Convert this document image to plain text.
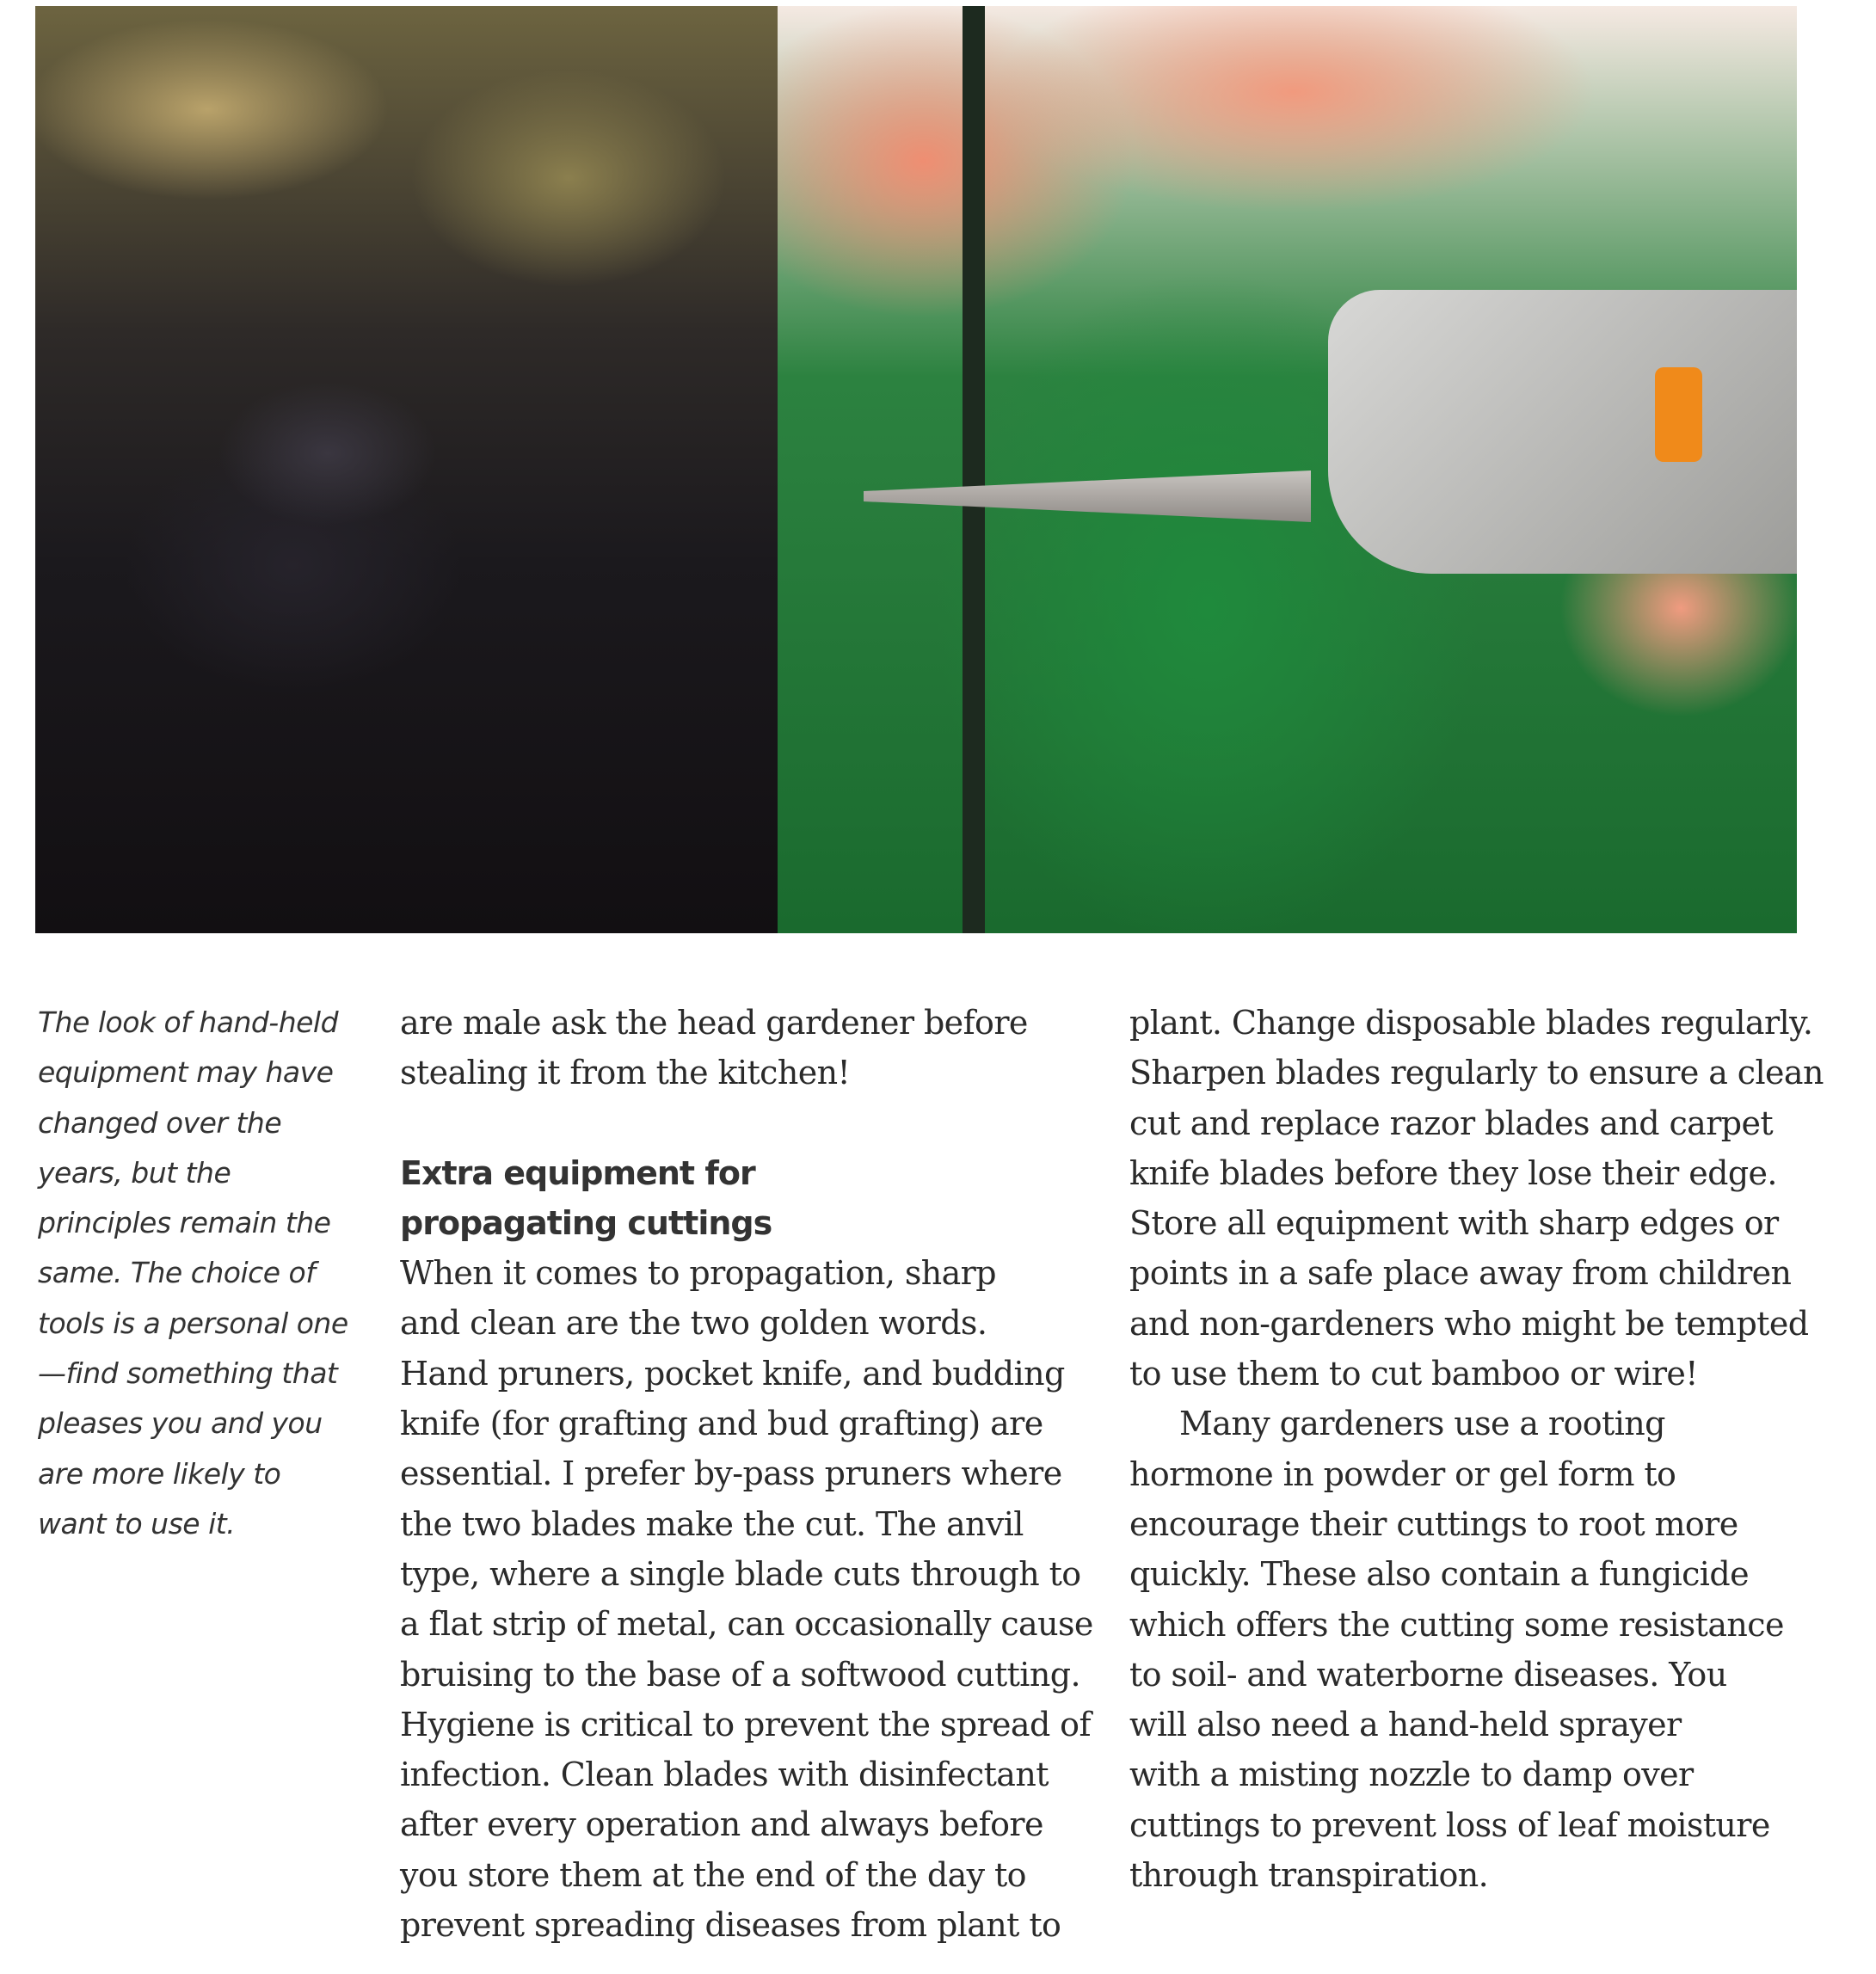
The look of hand-held
equipment may have
changed over the
years, but the
principles remain the
same. The choice of
tools is a personal one
—find something that
pleases you and you
are more likely to
want to use it.
are male ask the head gardener before
stealing it from the kitchen!
Extra equipment for
propagating cuttings
When it comes to propagation, sharp
and clean are the two golden words.
Hand pruners, pocket knife, and budding
knife (for grafting and bud grafting) are
essential. I prefer by-pass pruners where
the two blades make the cut. The anvil
type, where a single blade cuts through to
a flat strip of metal, can occasionally cause
bruising to the base of a softwood cutting.
Hygiene is critical to prevent the spread of
infection. Clean blades with disinfectant
after every operation and always before
you store them at the end of the day to
prevent spreading diseases from plant to
plant. Change disposable blades regularly.
Sharpen blades regularly to ensure a clean
cut and replace razor blades and carpet
knife blades before they lose their edge.
Store all equipment with sharp edges or
points in a safe place away from children
and non-gardeners who might be tempted
to use them to cut bamboo or wire!
Many gardeners use a rooting
hormone in powder or gel form to
encourage their cuttings to root more
quickly. These also contain a fungicide
which offers the cutting some resistance
to soil- and waterborne diseases. You
will also need a hand-held sprayer
with a misting nozzle to damp over
cuttings to prevent loss of leaf moisture
through transpiration.
